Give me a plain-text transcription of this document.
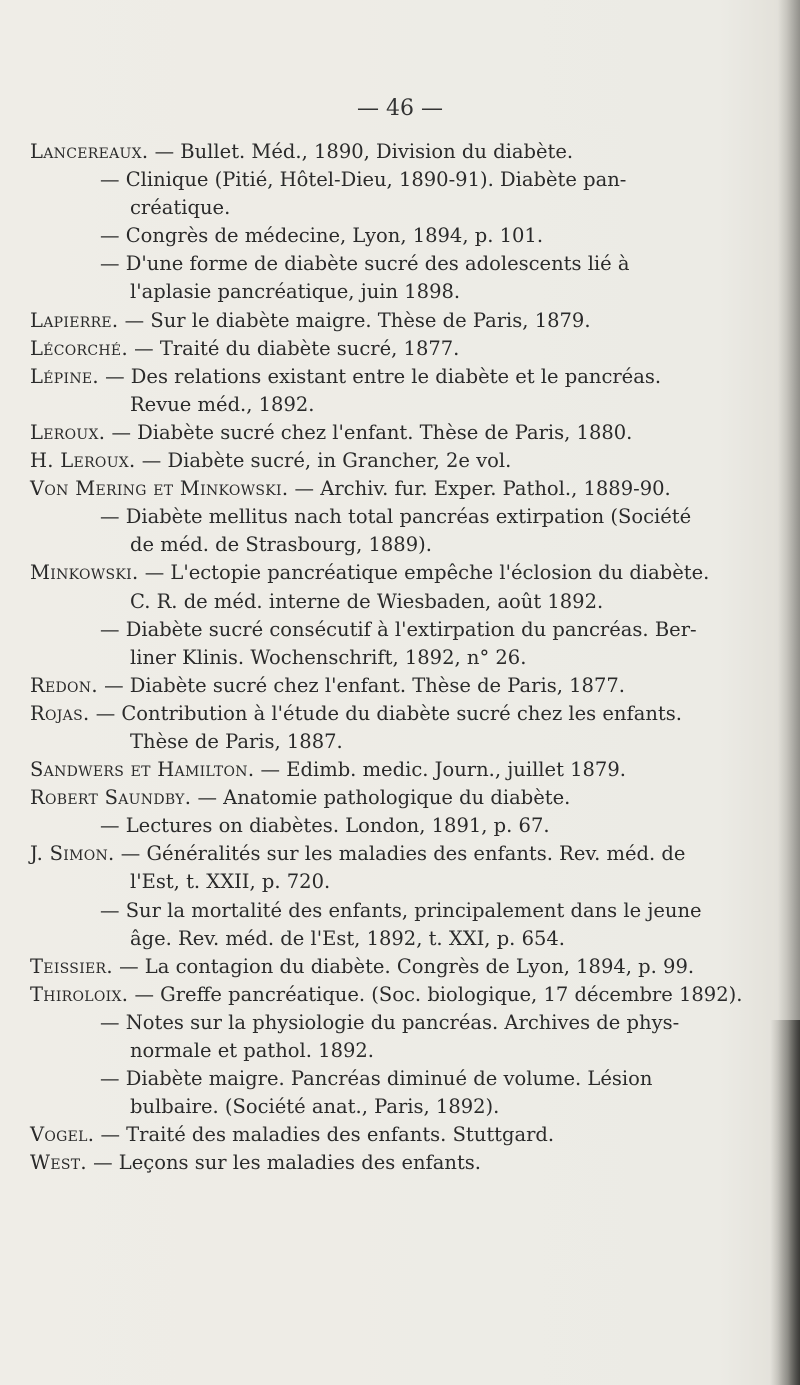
— 46 —
Lancereaux. — Bullet. Méd., 1890, Division du diabète.
— Clinique (Pitié, Hôtel-Dieu, 1890-91). Diabète pan-
créatique.
— Congrès de médecine, Lyon, 1894, p. 101.
— D'une forme de diabète sucré des adolescents lié à
l'aplasie pancréatique, juin 1898.
Lapierre. — Sur le diabète maigre. Thèse de Paris, 1879.
Lécorché. — Traité du diabète sucré, 1877.
Lépine. — Des relations existant entre le diabète et le pancréas.
Revue méd., 1892.
Leroux. — Diabète sucré chez l'enfant. Thèse de Paris, 1880.
H. Leroux. — Diabète sucré, in Grancher, 2e vol.
Von Mering et Minkowski. — Archiv. fur. Exper. Pathol., 1889-90.
— Diabète mellitus nach total pancréas extirpation (Société
de méd. de Strasbourg, 1889).
Minkowski. — L'ectopie pancréatique empêche l'éclosion du diabète.
C. R. de méd. interne de Wiesbaden, août 1892.
— Diabète sucré consécutif à l'extirpation du pancréas. Ber-
liner Klinis. Wochenschrift, 1892, n° 26.
Redon. — Diabète sucré chez l'enfant. Thèse de Paris, 1877.
Rojas. — Contribution à l'étude du diabète sucré chez les enfants.
Thèse de Paris, 1887.
Sandwers et Hamilton. — Edimb. medic. Journ., juillet 1879.
Robert Saundby. — Anatomie pathologique du diabète.
— Lectures on diabètes. London, 1891, p. 67.
J. Simon. — Généralités sur les maladies des enfants. Rev. méd. de
l'Est, t. XXII, p. 720.
— Sur la mortalité des enfants, principalement dans le jeune
âge. Rev. méd. de l'Est, 1892, t. XXI, p. 654.
Teissier. — La contagion du diabète. Congrès de Lyon, 1894, p. 99.
Thiroloix. — Greffe pancréatique. (Soc. biologique, 17 décembre 1892).
— Notes sur la physiologie du pancréas. Archives de phys-
normale et pathol. 1892.
— Diabète maigre. Pancréas diminué de volume. Lésion
bulbaire. (Société anat., Paris, 1892).
Vogel. — Traité des maladies des enfants. Stuttgard.
West. — Leçons sur les maladies des enfants.
